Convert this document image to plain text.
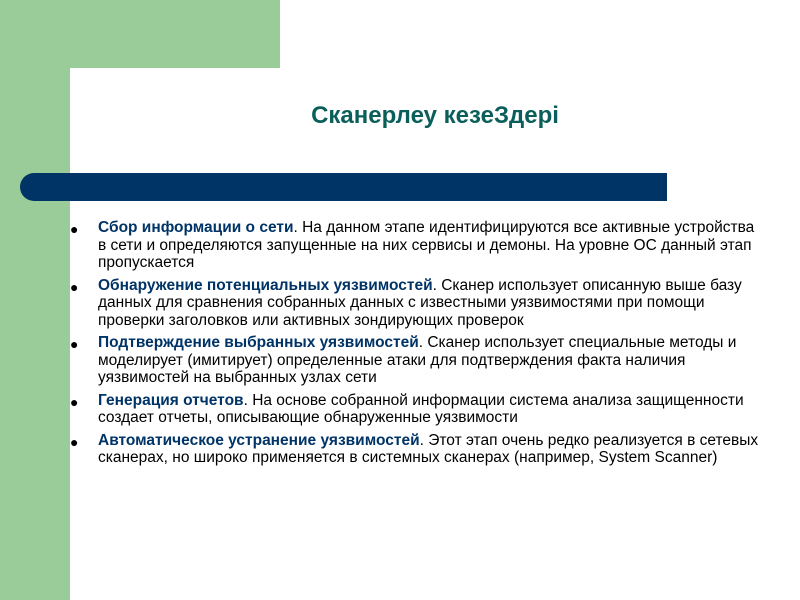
Сканерлеу кезеЗдері
● Сбор информации о сети. На данном этапе идентифицируются все активные устройства в сети и определяются запущенные на них сервисы и демоны. На уровне ОС данный этап пропускается
● Обнаружение потенциальных уязвимостей. Сканер использует описанную выше базу данных для сравнения собранных данных с известными уязвимостями при помощи проверки заголовков или активных зондирующих проверок
● Подтверждение выбранных уязвимостей. Сканер использует специальные методы и моделирует (имитирует) определенные атаки для подтверждения факта наличия уязвимостей на выбранных узлах сети
● Генерация отчетов. На основе собранной информации система анализа защищенности создает отчеты, описывающие обнаруженные уязвимости
● Автоматическое устранение уязвимостей. Этот этап очень редко реализуется в сетевых сканерах, но широко применяется в системных сканерах (например, System Scanner)
